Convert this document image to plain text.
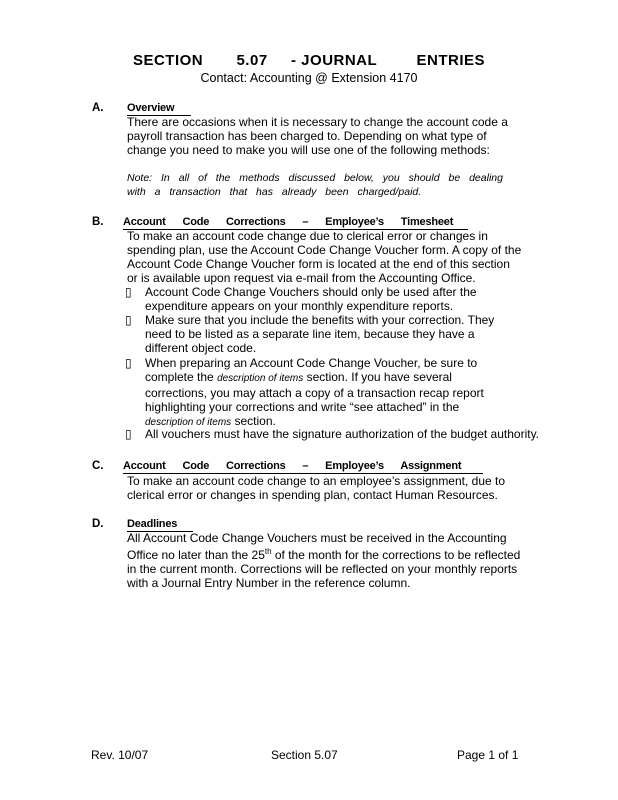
SECTION 5.07 - JOURNAL	ENTRIES
Contact: Accounting @ Extension 4170
A. Overview
There are occasions when it is necessary to change the account code a payroll transaction has been charged to. Depending on what type of change you need to make you will use one of the following methods:
Note: In all of the methods discussed below, you should be dealing with a transaction that has already been charged/paid.
B. Account Code Corrections – Employee’s Timesheet
To make an account code change due to clerical error or changes in spending plan, use the Account Code Change Voucher form. A copy of the Account Code Change Voucher form is located at the end of this section or is available upon request via e-mail from the Accounting Office.
▯ Account Code Change Vouchers should only be used after the expenditure appears on your monthly expenditure reports.
▯ Make sure that you include the benefits with your correction. They need to be listed as a separate line item, because they have a different object code.
▯ When preparing an Account Code Change Voucher, be sure to complete the description of items section. If you have several corrections, you may attach a copy of a transaction recap report highlighting your corrections and write “see attached” in the description of items section.
▯ All vouchers must have the signature authorization of the budget authority.
C. Account Code Corrections – Employee’s Assignment
To make an account code change to an employee’s assignment, due to clerical error or changes in spending plan, contact Human Resources.
D. Deadlines
All Account Code Change Vouchers must be received in the Accounting Office no later than the 25th of the month for the corrections to be reflected in the current month. Corrections will be reflected on your monthly reports with a Journal Entry Number in the reference column.
Rev. 10/07	Section 5.07	Page 1 of 1
